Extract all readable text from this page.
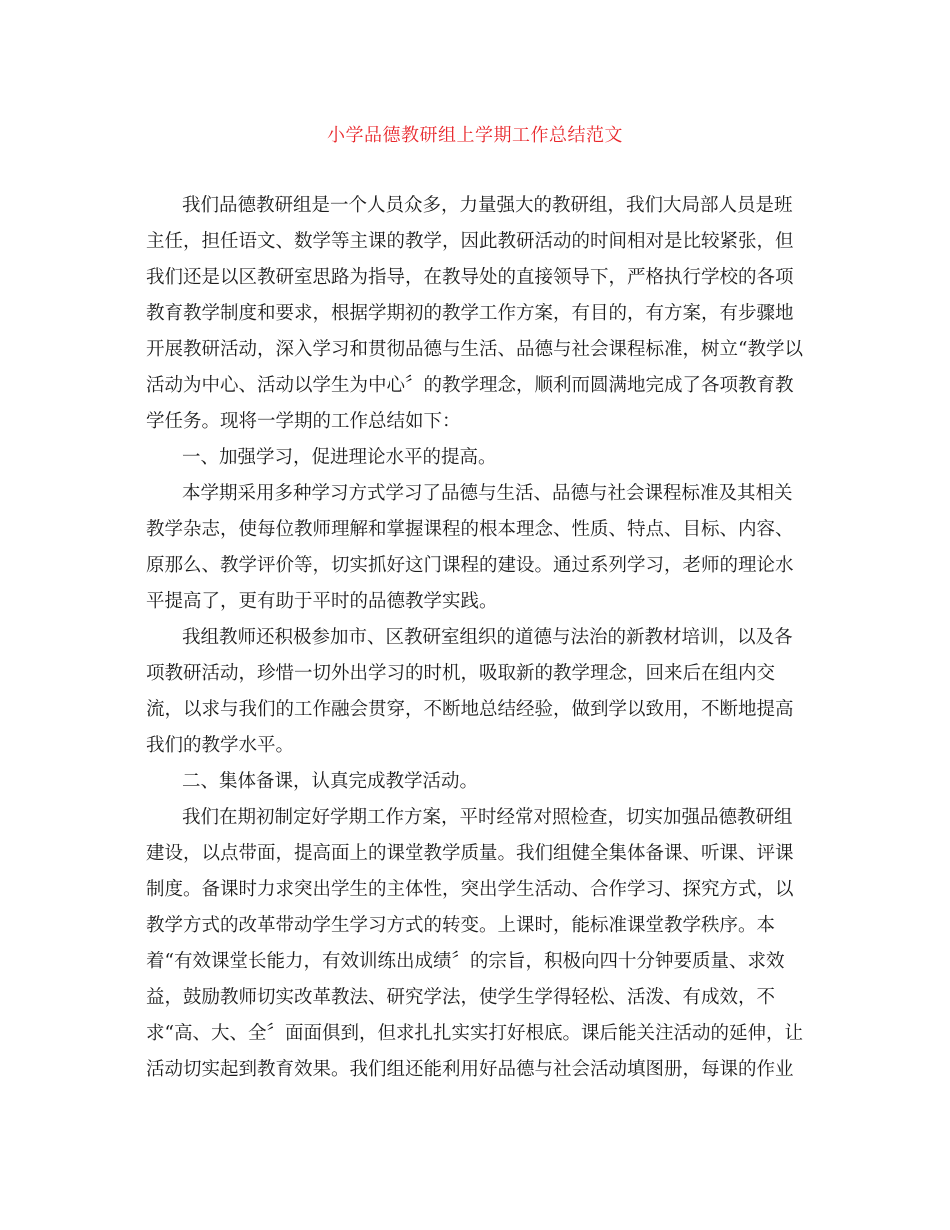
小学品德教研组上学期工作总结范文
我们品德教研组是一个人员众多，力量强大的教研组，我们大局部人员是班
主任，担任语文、数学等主课的教学，因此教研活动的时间相对是比较紧张，但
我们还是以区教研室思路为指导，在教导处的直接领导下，严格执行学校的各项
教育教学制度和要求，根据学期初的教学工作方案，有目的，有方案，有步骤地
开展教研活动，深入学习和贯彻品德与生活、品德与社会课程标准，树立“教学以
活动为中心、活动以学生为中心〞的教学理念，顺利而圆满地完成了各项教育教
学任务。现将一学期的工作总结如下：
一、加强学习，促进理论水平的提高。
本学期采用多种学习方式学习了品德与生活、品德与社会课程标准及其相关
教学杂志，使每位教师理解和掌握课程的根本理念、性质、特点、目标、内容、
原那么、教学评价等，切实抓好这门课程的建设。通过系列学习，老师的理论水
平提高了，更有助于平时的品德教学实践。
我组教师还积极参加市、区教研室组织的道德与法治的新教材培训，以及各
项教研活动，珍惜一切外出学习的时机，吸取新的教学理念，回来后在组内交
流，以求与我们的工作融会贯穿，不断地总结经验，做到学以致用，不断地提高
我们的教学水平。
二、集体备课，认真完成教学活动。
我们在期初制定好学期工作方案，平时经常对照检查，切实加强品德教研组
建设，以点带面，提高面上的课堂教学质量。我们组健全集体备课、听课、评课
制度。备课时力求突出学生的主体性，突出学生活动、合作学习、探究方式，以
教学方式的改革带动学生学习方式的转变。上课时，能标准课堂教学秩序。本
着“有效课堂长能力，有效训练出成绩〞的宗旨，积极向四十分钟要质量、求效
益，鼓励教师切实改革教法、研究学法，使学生学得轻松、活泼、有成效，不
求“高、大、全〞面面俱到，但求扎扎实实打好根底。课后能关注活动的延伸，让
活动切实起到教育效果。我们组还能利用好品德与社会活动填图册，每课的作业
